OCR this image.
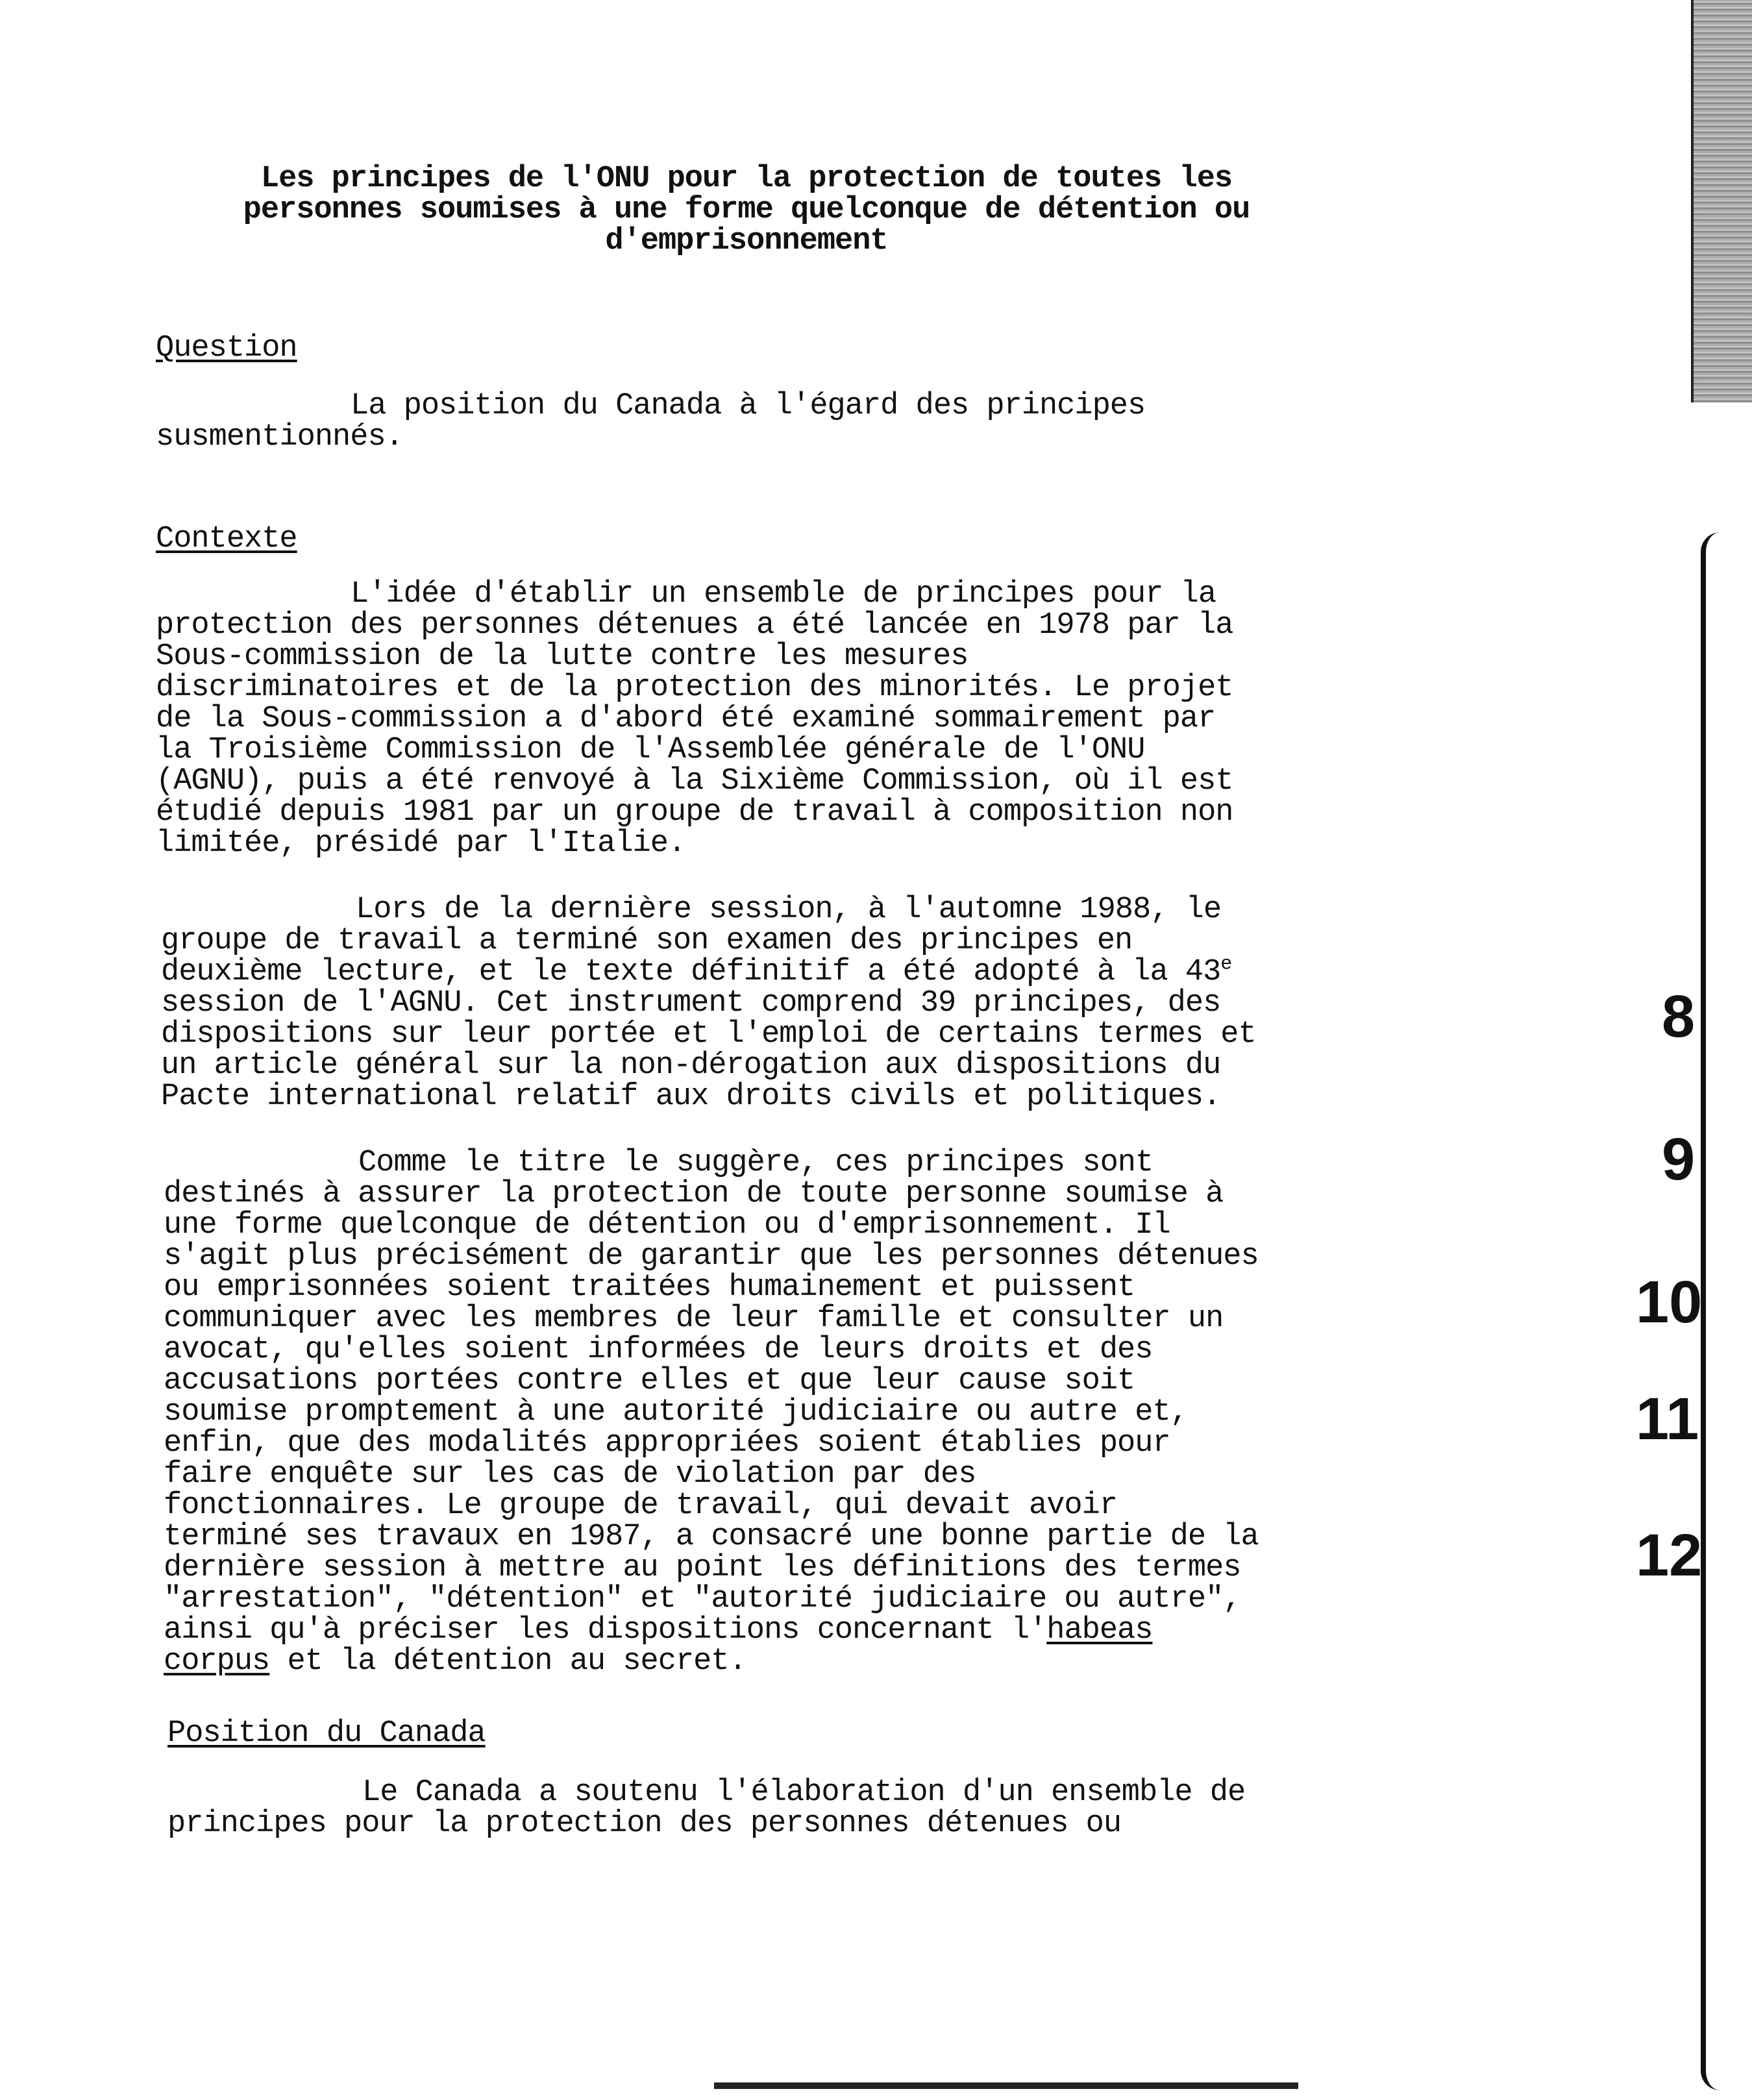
Les principes de l'ONU pour la protection de toutes les
personnes soumises à une forme quelconque de détention ou
d'emprisonnement
Question
La position du Canada à l'égard des principes
susmentionnés.
Contexte
L'idée d'établir un ensemble de principes pour la
protection des personnes détenues a été lancée en 1978 par la
Sous-commission de la lutte contre les mesures
discriminatoires et de la protection des minorités. Le projet
de la Sous-commission a d'abord été examiné sommairement par
la Troisième Commission de l'Assemblée générale de l'ONU
(AGNU), puis a été renvoyé à la Sixième Commission, où il est
étudié depuis 1981 par un groupe de travail à composition non
limitée, présidé par l'Italie.
Lors de la dernière session, à l'automne 1988, le
groupe de travail a terminé son examen des principes en
deuxième lecture, et le texte définitif a été adopté à la 43e
session de l'AGNU. Cet instrument comprend 39 principes, des
dispositions sur leur portée et l'emploi de certains termes et
un article général sur la non-dérogation aux dispositions du
Pacte international relatif aux droits civils et politiques.
Comme le titre le suggère, ces principes sont
destinés à assurer la protection de toute personne soumise à
une forme quelconque de détention ou d'emprisonnement. Il
s'agit plus précisément de garantir que les personnes détenues
ou emprisonnées soient traitées humainement et puissent
communiquer avec les membres de leur famille et consulter un
avocat, qu'elles soient informées de leurs droits et des
accusations portées contre elles et que leur cause soit
soumise promptement à une autorité judiciaire ou autre et,
enfin, que des modalités appropriées soient établies pour
faire enquête sur les cas de violation par des
fonctionnaires. Le groupe de travail, qui devait avoir
terminé ses travaux en 1987, a consacré une bonne partie de la
dernière session à mettre au point les définitions des termes
"arrestation", "détention" et "autorité judiciaire ou autre",
ainsi qu'à préciser les dispositions concernant l'habeas
corpus et la détention au secret.
Position du Canada
Le Canada a soutenu l'élaboration d'un ensemble de
principes pour la protection des personnes détenues ou
8
9
10
11
12
